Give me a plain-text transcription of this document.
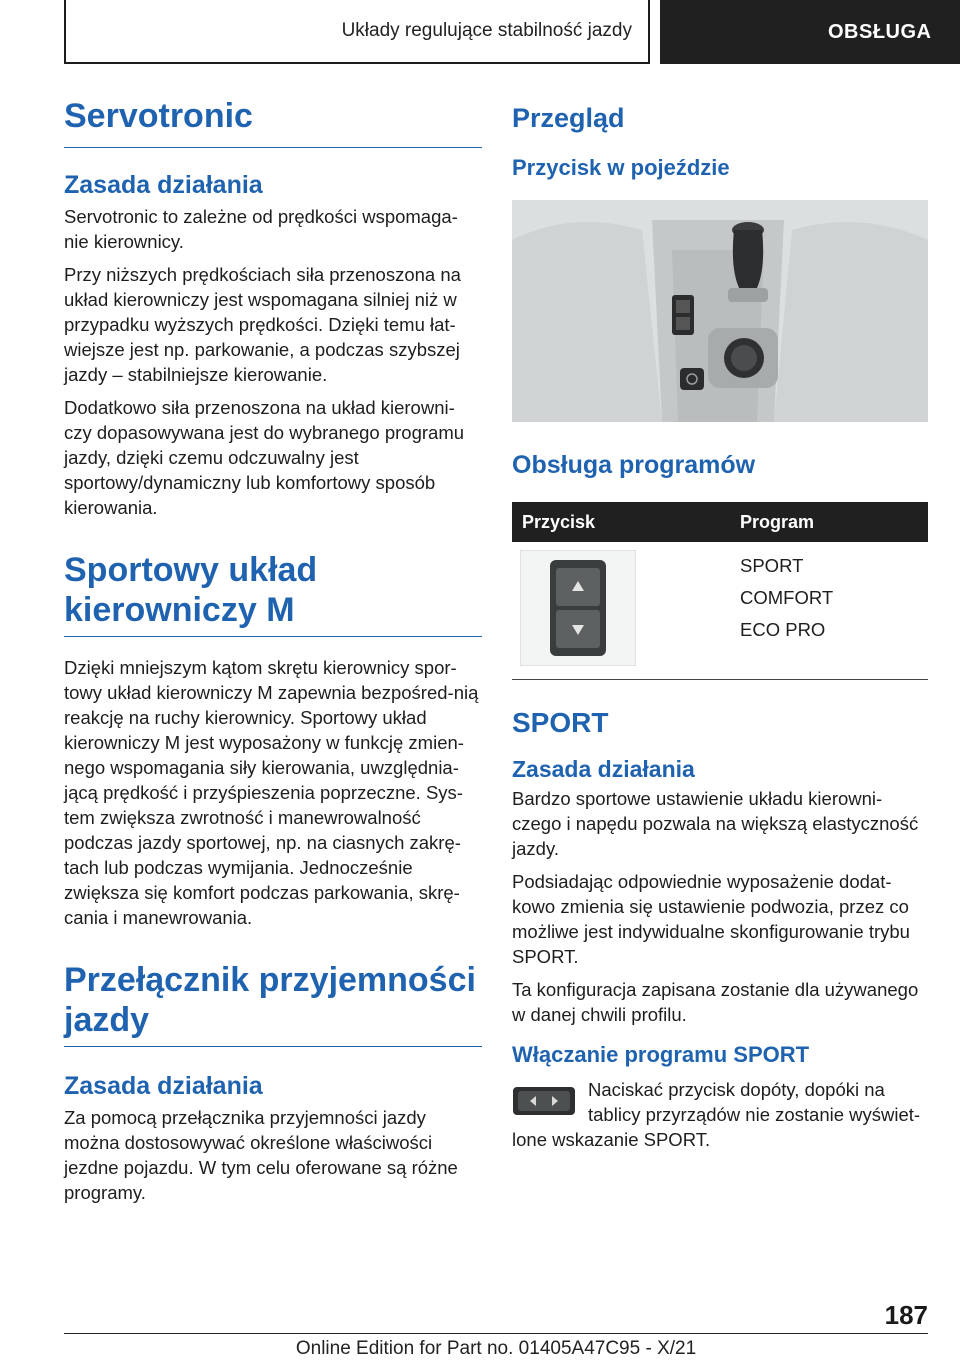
Układy regulujące stabilność jazdy	OBSŁUGA
Servotronic
Zasada działania

Servotronic to zależne od prędkości wspomaga-nie kierownicy.

Przy niższych prędkościach siła przenoszona na układ kierowniczy jest wspomagana silniej niż w przypadku wyższych prędkości. Dzięki temu łat-wiejsze jest np. parkowanie, a podczas szybszej jazdy – stabilniejsze kierowanie.

Dodatkowo siła przenoszona na układ kierowni-czy dopasowywana jest do wybranego programu jazdy, dzięki czemu odczuwalny jest sportowy/dynamiczny lub komfortowy sposób kierowania.

Sportowy układ
kierowniczy M

Dzięki mniejszym kątom skrętu kierownicy spor-towy układ kierowniczy M zapewnia bezpośred-nią reakcję na ruchy kierownicy. Sportowy układ kierowniczy M jest wyposażony w funkcję zmien-nego wspomagania siły kierowania, uwzględnia-jącą prędkość i przyśpieszenia poprzeczne. Sys-tem zwiększa zwrotność i manewrowalność podczas jazdy sportowej, np. na ciasnych zakrę-tach lub podczas wymijania. Jednocześnie zwiększa się komfort podczas parkowania, skrę-cania i manewrowania.

Przełącznik przyjemności
jazdy
Zasada działania

Za pomocą przełącznika przyjemności jazdy można dostosowywać określone właściwości jezdne pojazdu. W tym celu oferowane są różne programy.

Przegląd
Przycisk w pojeździe
Obsługa programów
Przycisk	Program
SPORT
COMFORT
ECO PRO
SPORT
Zasada działania

Bardzo sportowe ustawienie układu kierowni-czego i napędu pozwala na większą elastyczność jazdy.

Podsiadając odpowiednie wyposażenie dodat-kowo zmienia się ustawienie podwozia, przez co możliwe jest indywidualne skonfigurowanie trybu SPORT.

Ta konfiguracja zapisana zostanie dla używanego w danej chwili profilu.

Włączanie programu SPORT

Naciskać przycisk dopóty, dopóki na tablicy przyrządów nie zostanie wyświet-lone wskazanie SPORT.

187
Online Edition for Part no. 01405A47C95 - X/21
